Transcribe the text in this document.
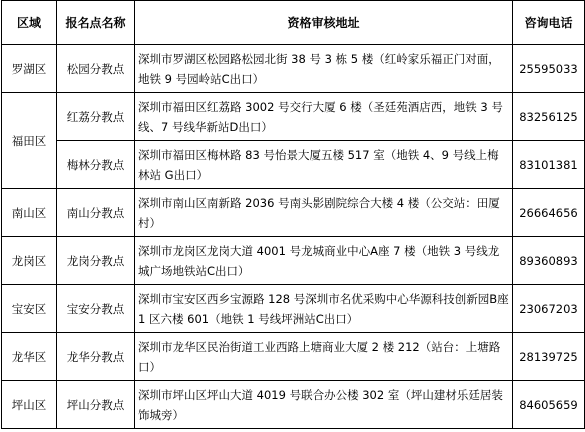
区域	报名点名称	资格审核地址	咨询电话
罗湖区	松园分教点	深圳市罗湖区松园路松园北街 38 号 3 栋 5 楼（红岭家乐福正门对面，地铁 9 号园岭站C出口）	25595033
福田区	红荔分教点	深圳市福田区红荔路 3002 号交行大厦 6 楼（圣廷苑酒店西，地铁 3 号线、7 号线华新站D出口）	83256125
	梅林分教点	深圳市福田区梅林路 83 号怡景大厦五楼 517 室（地铁 4、9 号线上梅林站 G出口）	83101381
南山区	南山分教点	深圳市南山区南新路 2036 号南头影剧院综合大楼 4 楼（公交站：田厦村）	26664656
龙岗区	龙岗分教点	深圳市龙岗区龙岗大道 4001 号龙城商业中心A座 7 楼（地铁 3 号线龙城广场地铁站C出口）	89360893
宝安区	宝安分教点	深圳市宝安区西乡宝源路 128 号深圳市名优采购中心华源科技创新园B座 1 区六楼 601（地铁 1 号线坪洲站C出口）	23067203
龙华区	龙华分教点	深圳市龙华区民治街道工业西路上塘商业大厦 2 楼 212（站台：上塘路口）	28139725
坪山区	坪山分教点	深圳市坪山区坪山大道 4019 号联合办公楼 302 室（坪山建材乐廷居装饰城旁）	84605659
